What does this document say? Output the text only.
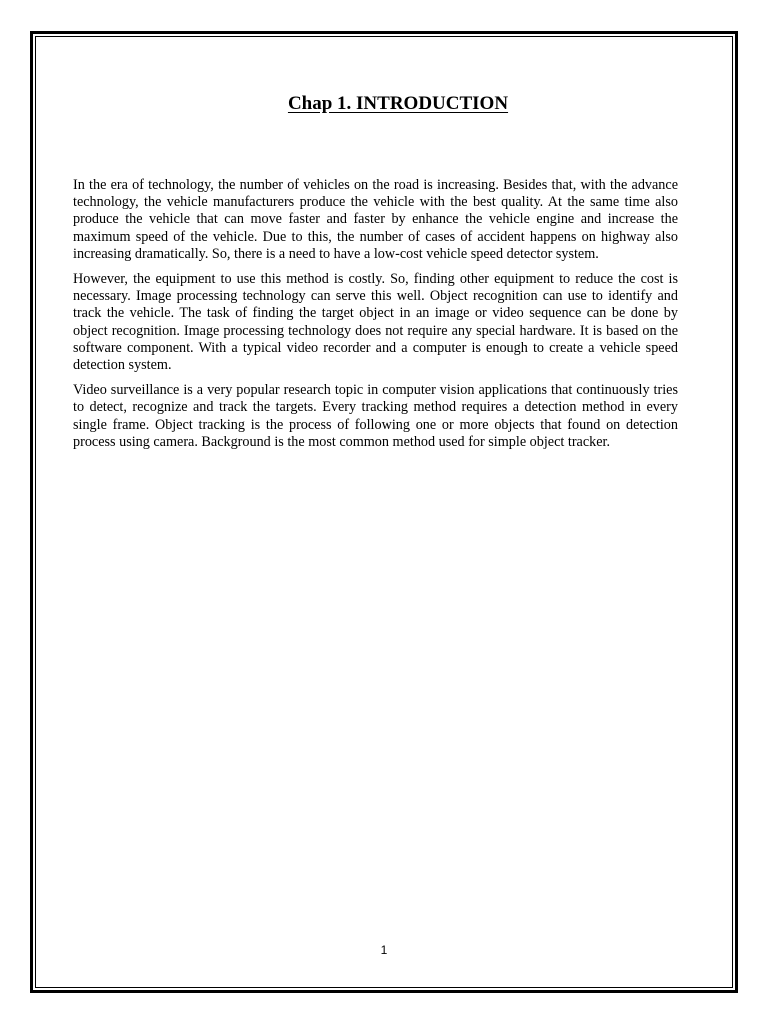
Chap 1. INTRODUCTION

In the era of technology, the number of vehicles on the road is increasing. Besides that, with the advance technology, the vehicle manufacturers produce the vehicle with the best quality. At the same time also produce the vehicle that can move faster and faster by enhance the vehicle engine and increase the maximum speed of the vehicle. Due to this, the number of cases of accident happens on highway also increasing dramatically. So, there is a need to have a low-cost vehicle speed detector system.

However, the equipment to use this method is costly. So, finding other equipment to reduce the cost is necessary. Image processing technology can serve this well. Object recognition can use to identify and track the vehicle. The task of finding the target object in an image or video sequence can be done by object recognition. Image processing technology does not require any special hardware. It is based on the software component. With a typical video recorder and a computer is enough to create a vehicle speed detection system.

Video surveillance is a very popular research topic in computer vision applications that continuously tries to detect, recognize and track the targets. Every tracking method requires a detection method in every single frame. Object tracking is the process of following one or more objects that found on detection process using camera. Background is the most common method used for simple object tracker.

1
